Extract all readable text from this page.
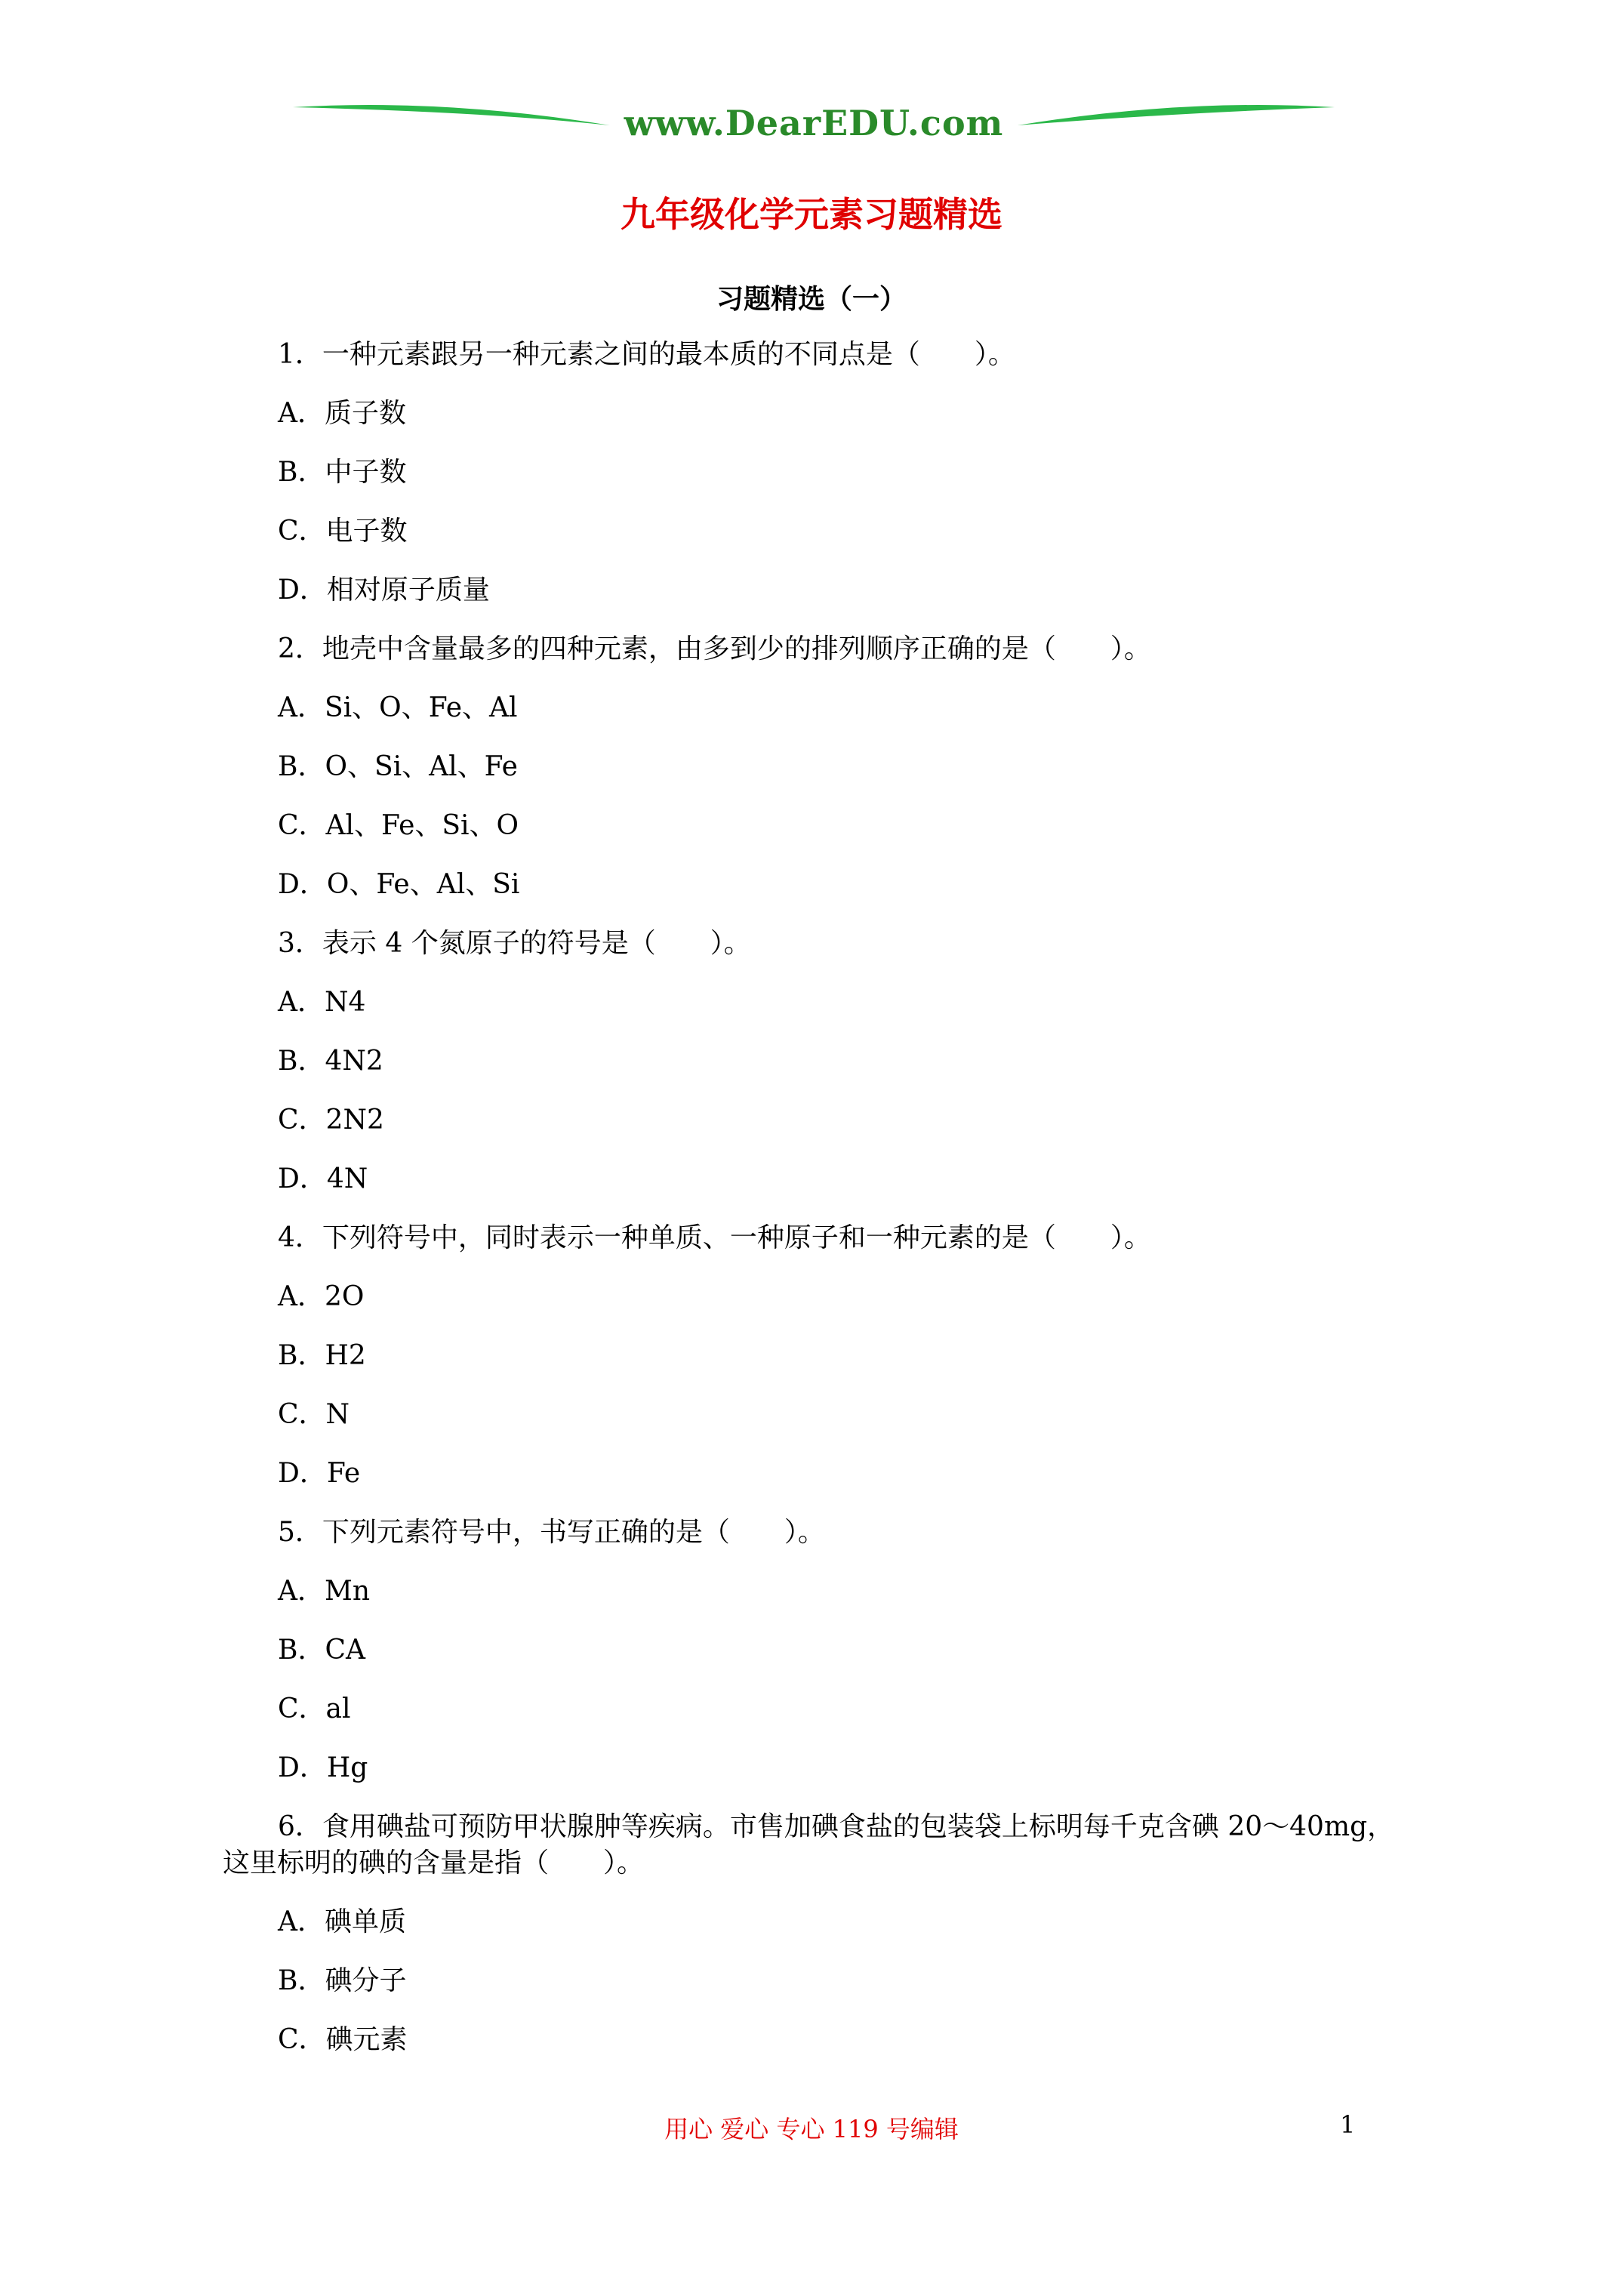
www.DearEDU.com
九年级化学元素习题精选
习题精选（一）
1．一种元素跟另一种元素之间的最本质的不同点是（　　）。
A．质子数
B．中子数
C．电子数
D．相对原子质量
2．地壳中含量最多的四种元素，由多到少的排列顺序正确的是（　　）。
A．Si、O、Fe、Al
B．O、Si、Al、Fe
C．Al、Fe、Si、O
D．O、Fe、Al、Si
3．表示 4 个氮原子的符号是（　　）。
A．N4
B．4N2
C．2N2
D．4N
4．下列符号中，同时表示一种单质、一种原子和一种元素的是（　　）。
A．2O
B．H2
C．N
D．Fe
5．下列元素符号中，书写正确的是（　　）。
A．Mn
B．CA
C．al
D．Hg
6．食用碘盐可预防甲状腺肿等疾病。市售加碘食盐的包装袋上标明每千克含碘 20～40mg，
这里标明的碘的含量是指（　　）。
A．碘单质
B．碘分子
C．碘元素
用心 爱心 专心 119 号编辑	1
